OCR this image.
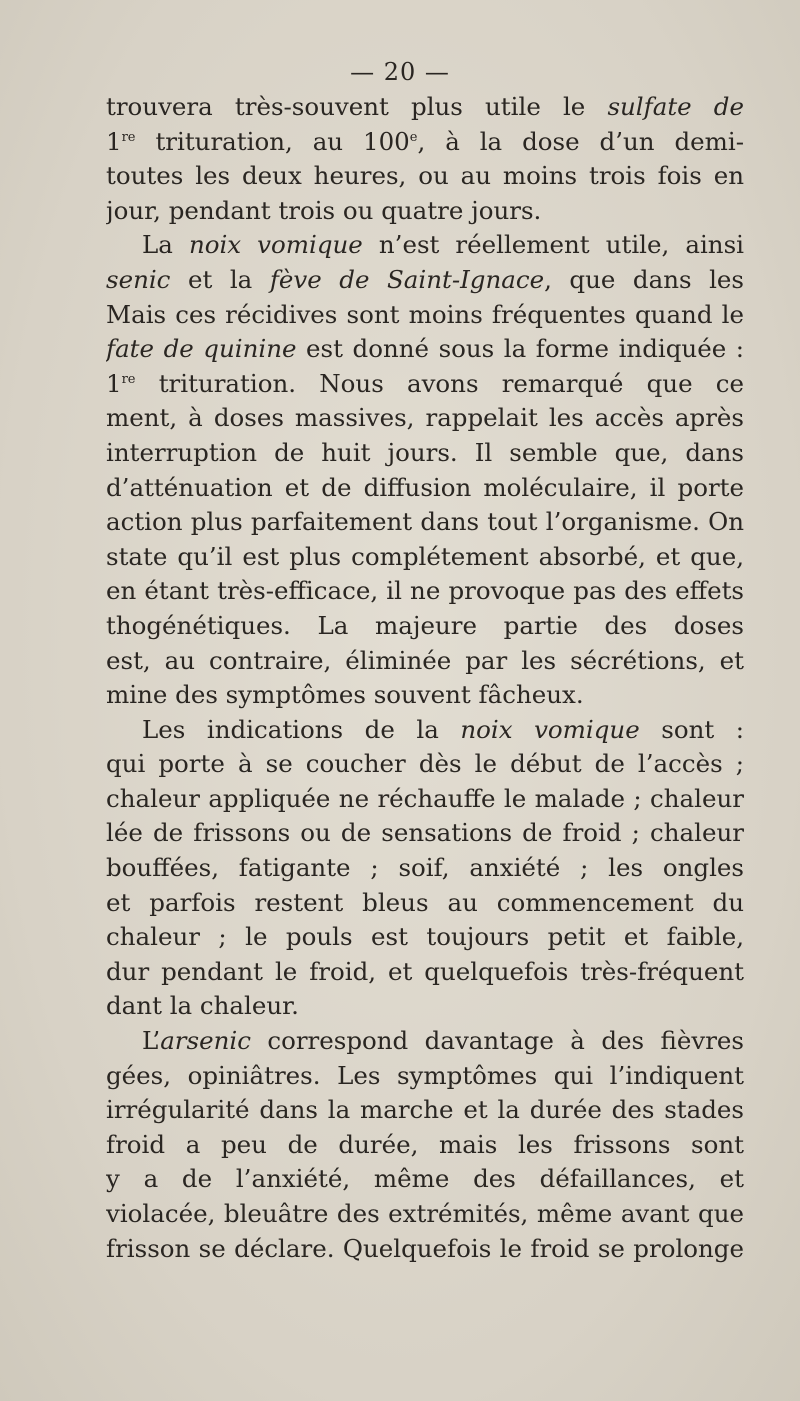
— 20 —
trouvera très-souvent plus utile le sulfate de
1re trituration, au 100e, à la dose d’un demi-
toutes les deux heures, ou au moins trois fois en
jour, pendant trois ou quatre jours.
La noix vomique n’est réellement utile, ainsi
senic et la fève de Saint-Ignace, que dans les
Mais ces récidives sont moins fréquentes quand le
fate de quinine est donné sous la forme indiquée :
1re trituration. Nous avons remarqué que ce
ment, à doses massives, rappelait les accès après
interruption de huit jours. Il semble que, dans
d’atténuation et de diffusion moléculaire, il porte
action plus parfaitement dans tout l’organisme. On
state qu’il est plus complétement absorbé, et que,
en étant très-efficace, il ne provoque pas des effets
thogénétiques. La majeure partie des doses
est, au contraire, éliminée par les sécrétions, et
mine des symptômes souvent fâcheux.
Les indications de la noix vomique sont :
qui porte à se coucher dès le début de l’accès ;
chaleur appliquée ne réchauffe le malade ; chaleur
lée de frissons ou de sensations de froid ; chaleur
bouffées, fatigante ; soif, anxiété ; les ongles
et parfois restent bleus au commencement du
chaleur ; le pouls est toujours petit et faible,
dur pendant le froid, et quelquefois très-fréquent
dant la chaleur.
L’arsenic correspond davantage à des fièvres
gées, opiniâtres. Les symptômes qui l’indiquent
irrégularité dans la marche et la durée des stades
froid a peu de durée, mais les frissons sont
y a de l’anxiété, même des défaillances, et
violacée, bleuâtre des extrémités, même avant que
frisson se déclare. Quelquefois le froid se prolonge
